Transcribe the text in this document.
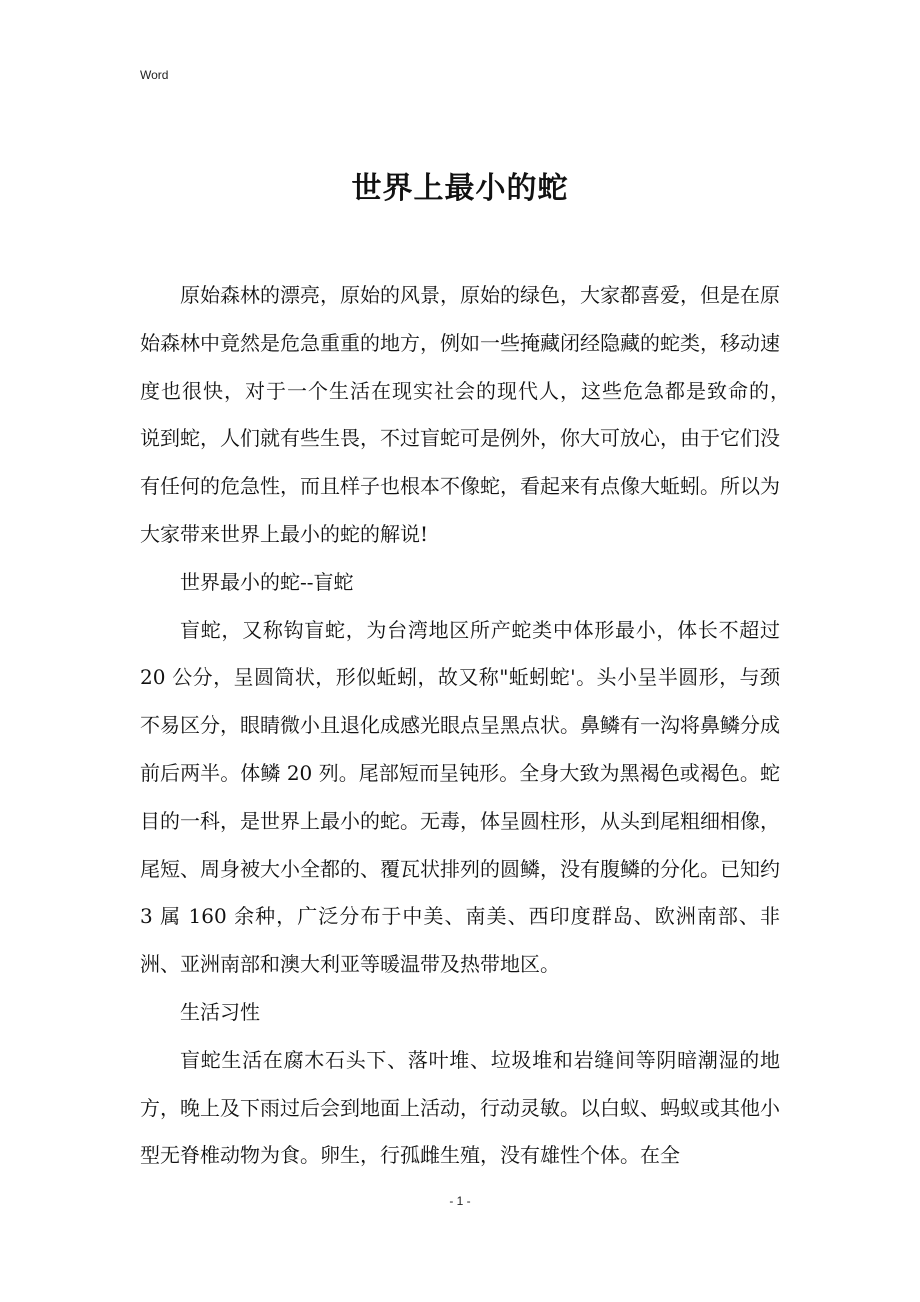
Word
世界上最小的蛇

原始森林的漂亮，原始的风景，原始的绿色，大家都喜爱，但是在原始森林中竟然是危急重重的地方，例如一些掩藏闭经隐藏的蛇类，移动速度也很快，对于一个生活在现实社会的现代人，这些危急都是致命的，　说到蛇，人们就有些生畏，不过盲蛇可是例外，你大可放心，由于它们没有任何的危急性，而且样子也根本不像蛇，看起来有点像大蚯蚓。所以为大家带来世界上最小的蛇的解说!

世界最小的蛇--盲蛇

盲蛇，又称钩盲蛇，为台湾地区所产蛇类中体形最小，体长不超过 20 公分，呈圆筒状，形似蚯蚓，故又称"蚯蚓蛇'。头小呈半圆形，与颈不易区分，眼睛微小且退化成感光眼点呈黑点状。鼻鳞有一沟将鼻鳞分成前后两半。体鳞 20 列。尾部短而呈钝形。全身大致为黑褐色或褐色。蛇目的一科，是世界上最小的蛇。无毒，体呈圆柱形，从头到尾粗细相像，尾短、周身被大小全都的、覆瓦状排列的圆鳞，没有腹鳞的分化。已知约 3 属 160 余种，广泛分布于中美、南美、西印度群岛、欧洲南部、非洲、亚洲南部和澳大利亚等暖温带及热带地区。

生活习性

盲蛇生活在腐木石头下、落叶堆、垃圾堆和岩缝间等阴暗潮湿的地方，晚上及下雨过后会到地面上活动，行动灵敏。以白蚁、蚂蚁或其他小型无脊椎动物为食。卵生，行孤雌生殖，没有雄性个体。在全

- 1 -
